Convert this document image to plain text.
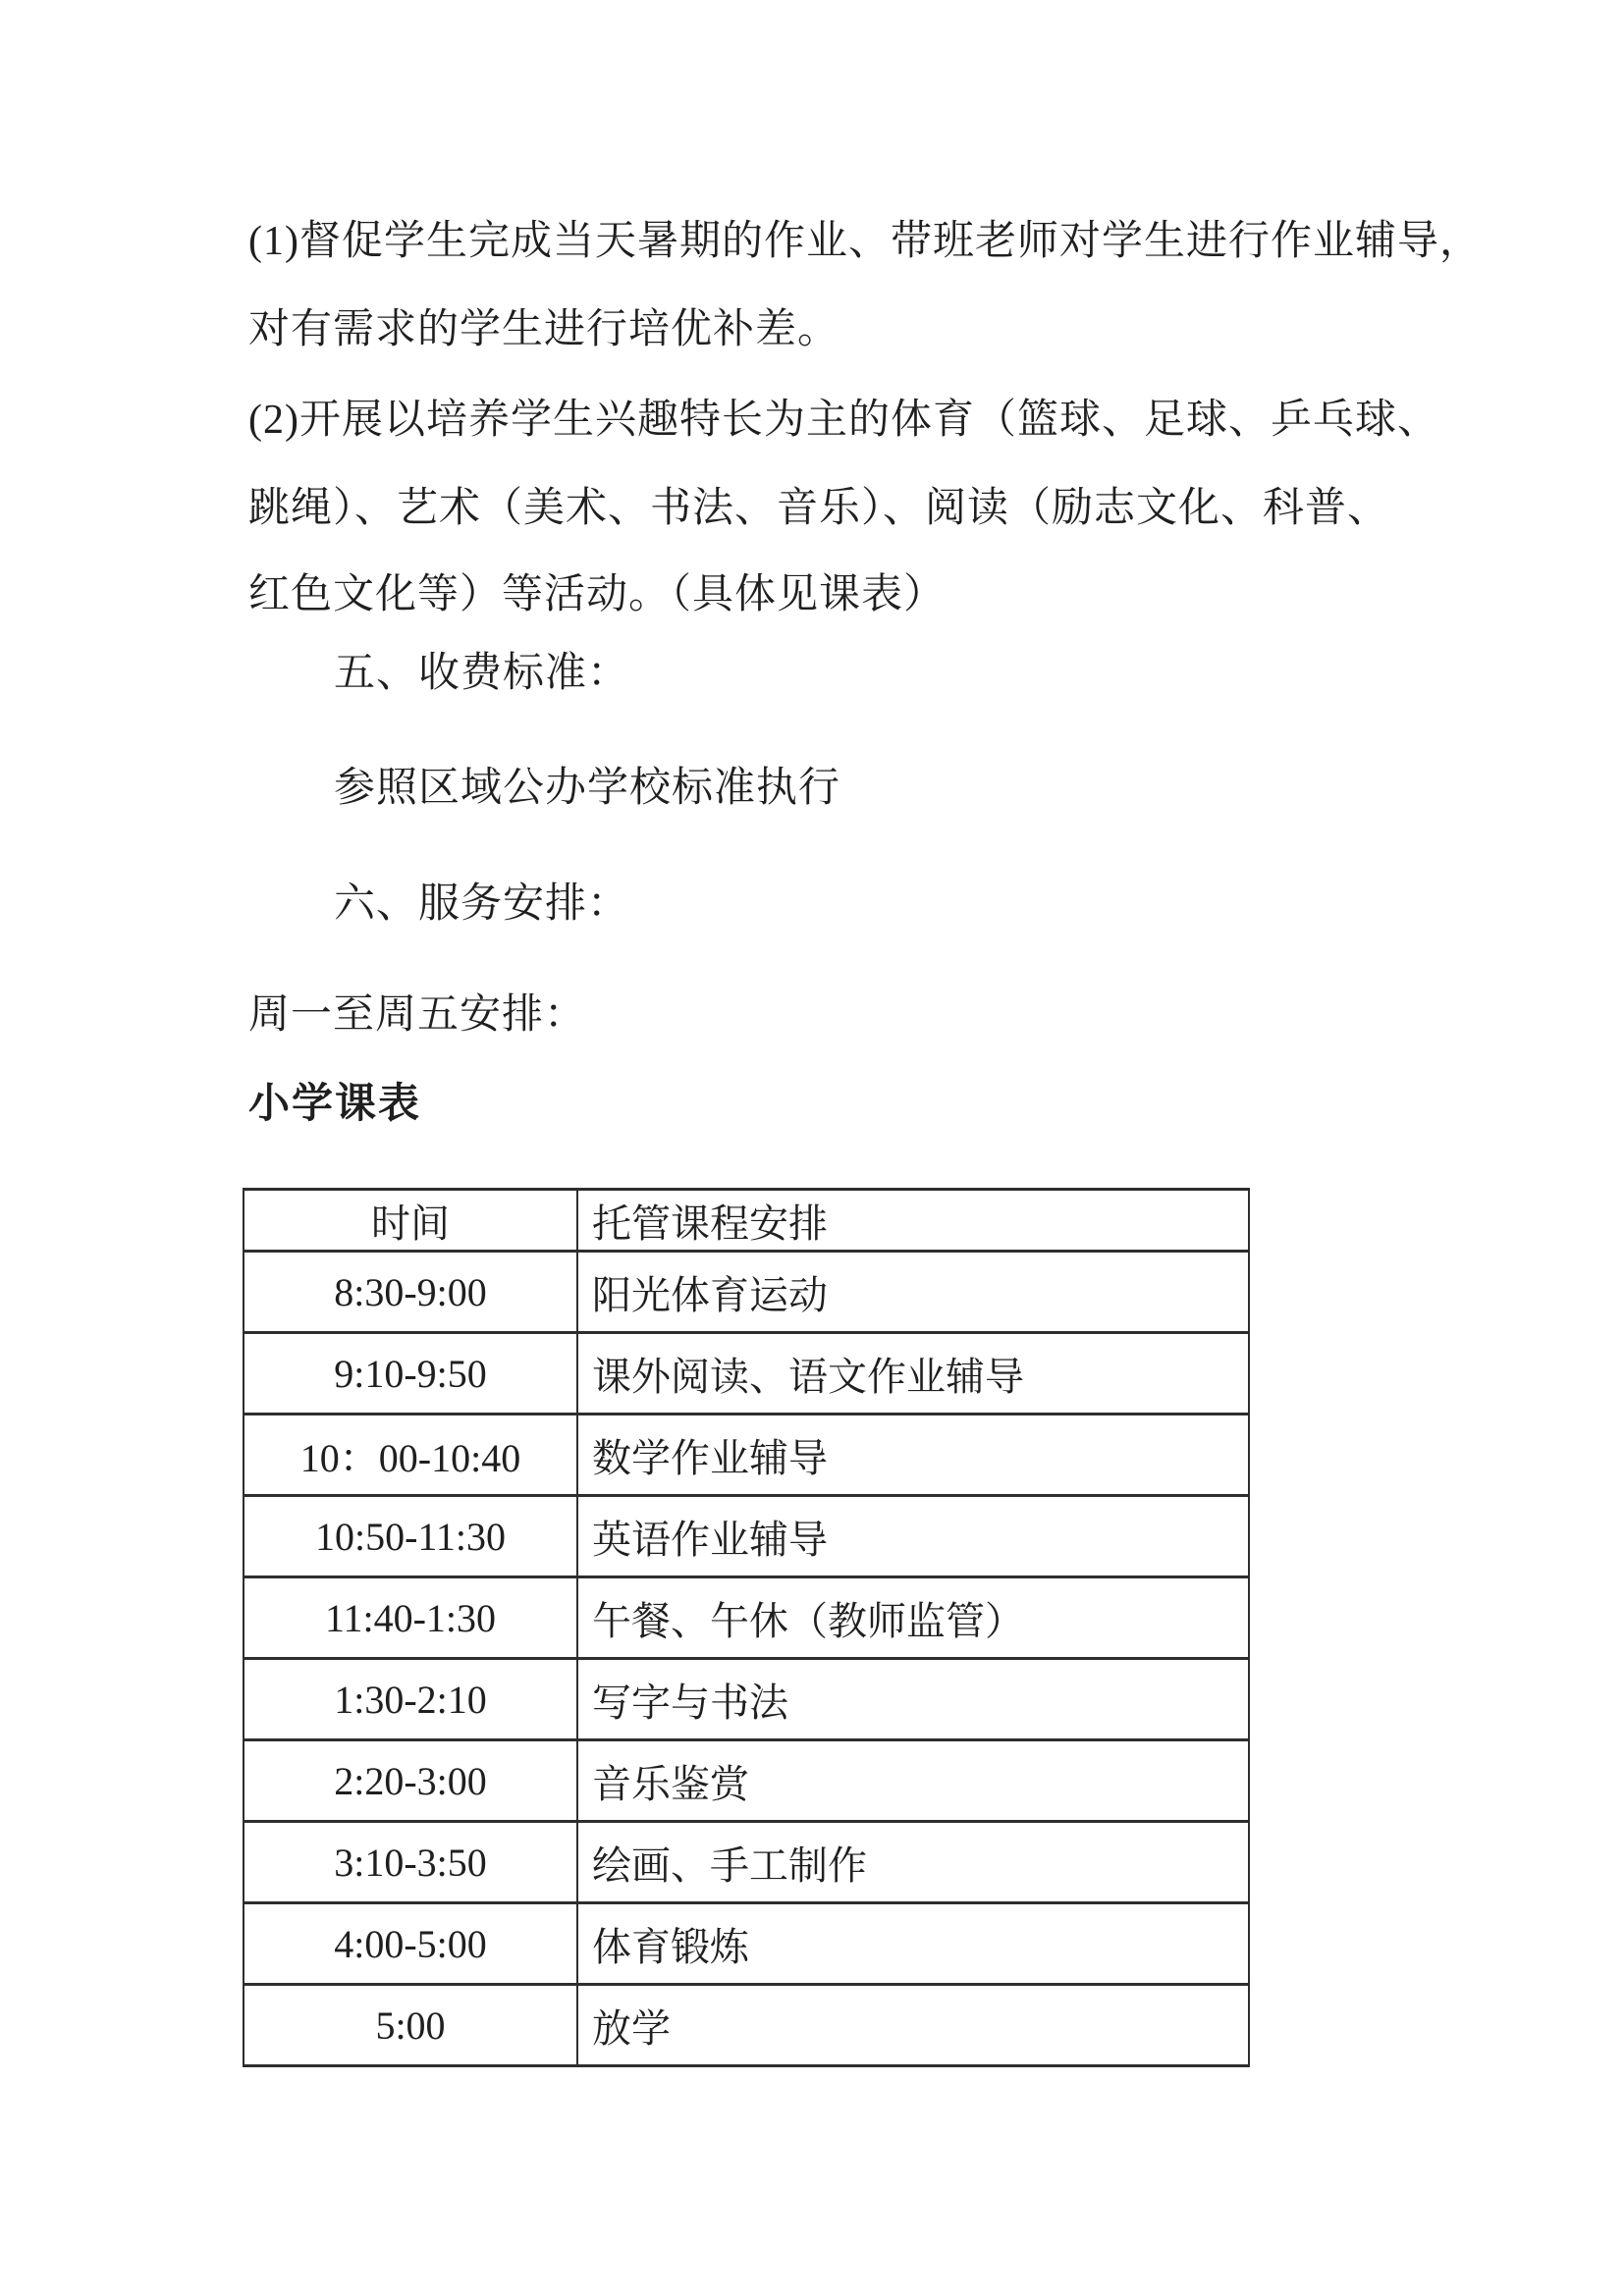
(1)督促学生完成当天暑期的作业、带班老师对学生进行作业辅导，
对有需求的学生进行培优补差。
(2)开展以培养学生兴趣特长为主的体育（篮球、足球、乒乓球、
跳绳）、艺术（美术、书法、音乐）、阅读（励志文化、科普、
红色文化等）等活动。（具体见课表）
五、收费标准：
参照区域公办学校标准执行
六、服务安排：
周一至周五安排：
小学课表
时间	托管课程安排
8:30-9:00	阳光体育运动
9:10-9:50	课外阅读、语文作业辅导
10：00-10:40	数学作业辅导
10:50-11:30	英语作业辅导
11:40-1:30	午餐、午休（教师监管）
1:30-2:10	写字与书法
2:20-3:00	音乐鉴赏
3:10-3:50	绘画、手工制作
4:00-5:00	体育锻炼
5:00	放学
